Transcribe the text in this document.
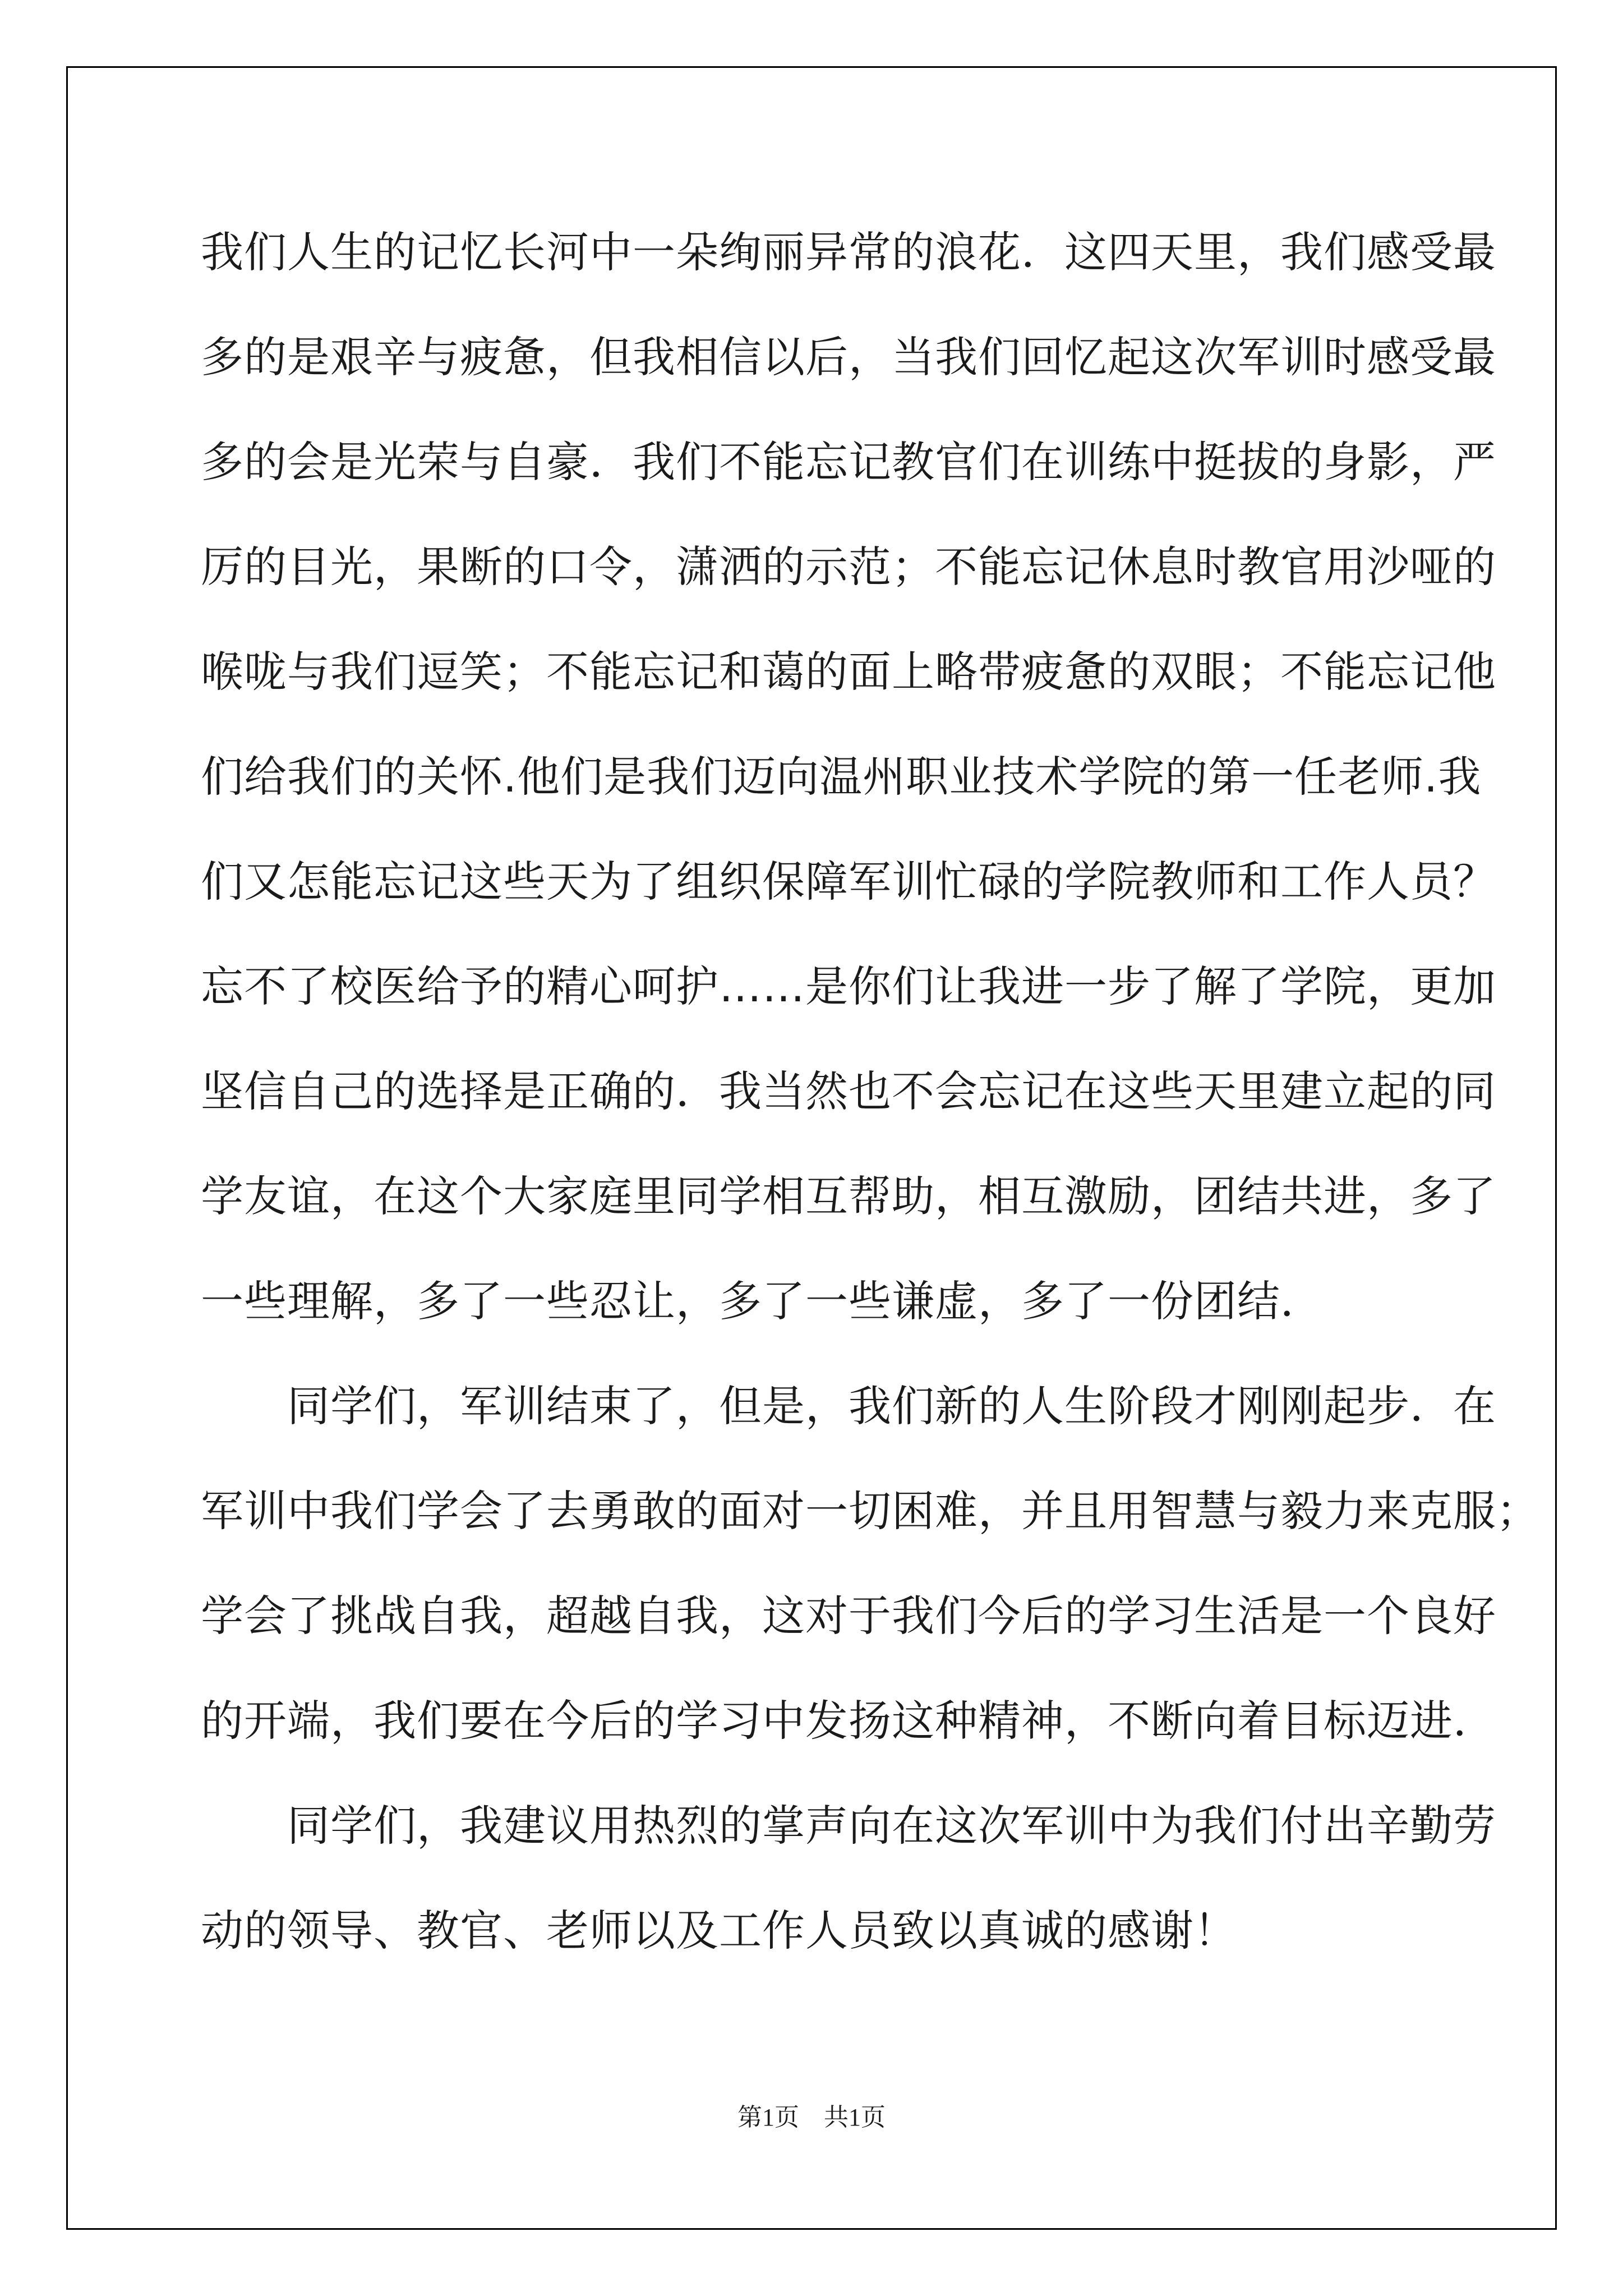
我们人生的记忆长河中一朵绚丽异常的浪花．这四天里，我们感受最
多的是艰辛与疲惫，但我相信以后，当我们回忆起这次军训时感受最
多的会是光荣与自豪．我们不能忘记教官们在训练中挺拔的身影，严
厉的目光，果断的口令，潇洒的示范；不能忘记休息时教官用沙哑的
喉咙与我们逗笑；不能忘记和蔼的面上略带疲惫的双眼；不能忘记他
们给我们的关怀.他们是我们迈向温州职业技术学院的第一任老师.我
们又怎能忘记这些天为了组织保障军训忙碌的学院教师和工作人员？
忘不了校医给予的精心呵护……是你们让我进一步了解了学院，更加
坚信自己的选择是正确的．我当然也不会忘记在这些天里建立起的同
学友谊，在这个大家庭里同学相互帮助，相互激励，团结共进，多了
一些理解，多了一些忍让，多了一些谦虚，多了一份团结．
　　同学们，军训结束了，但是，我们新的人生阶段才刚刚起步．在
军训中我们学会了去勇敢的面对一切困难，并且用智慧与毅力来克服；
学会了挑战自我，超越自我，这对于我们今后的学习生活是一个良好
的开端，我们要在今后的学习中发扬这种精神，不断向着目标迈进．
　　同学们，我建议用热烈的掌声向在这次军训中为我们付出辛勤劳
动的领导、教官、老师以及工作人员致以真诚的感谢！
第1页　共1页
